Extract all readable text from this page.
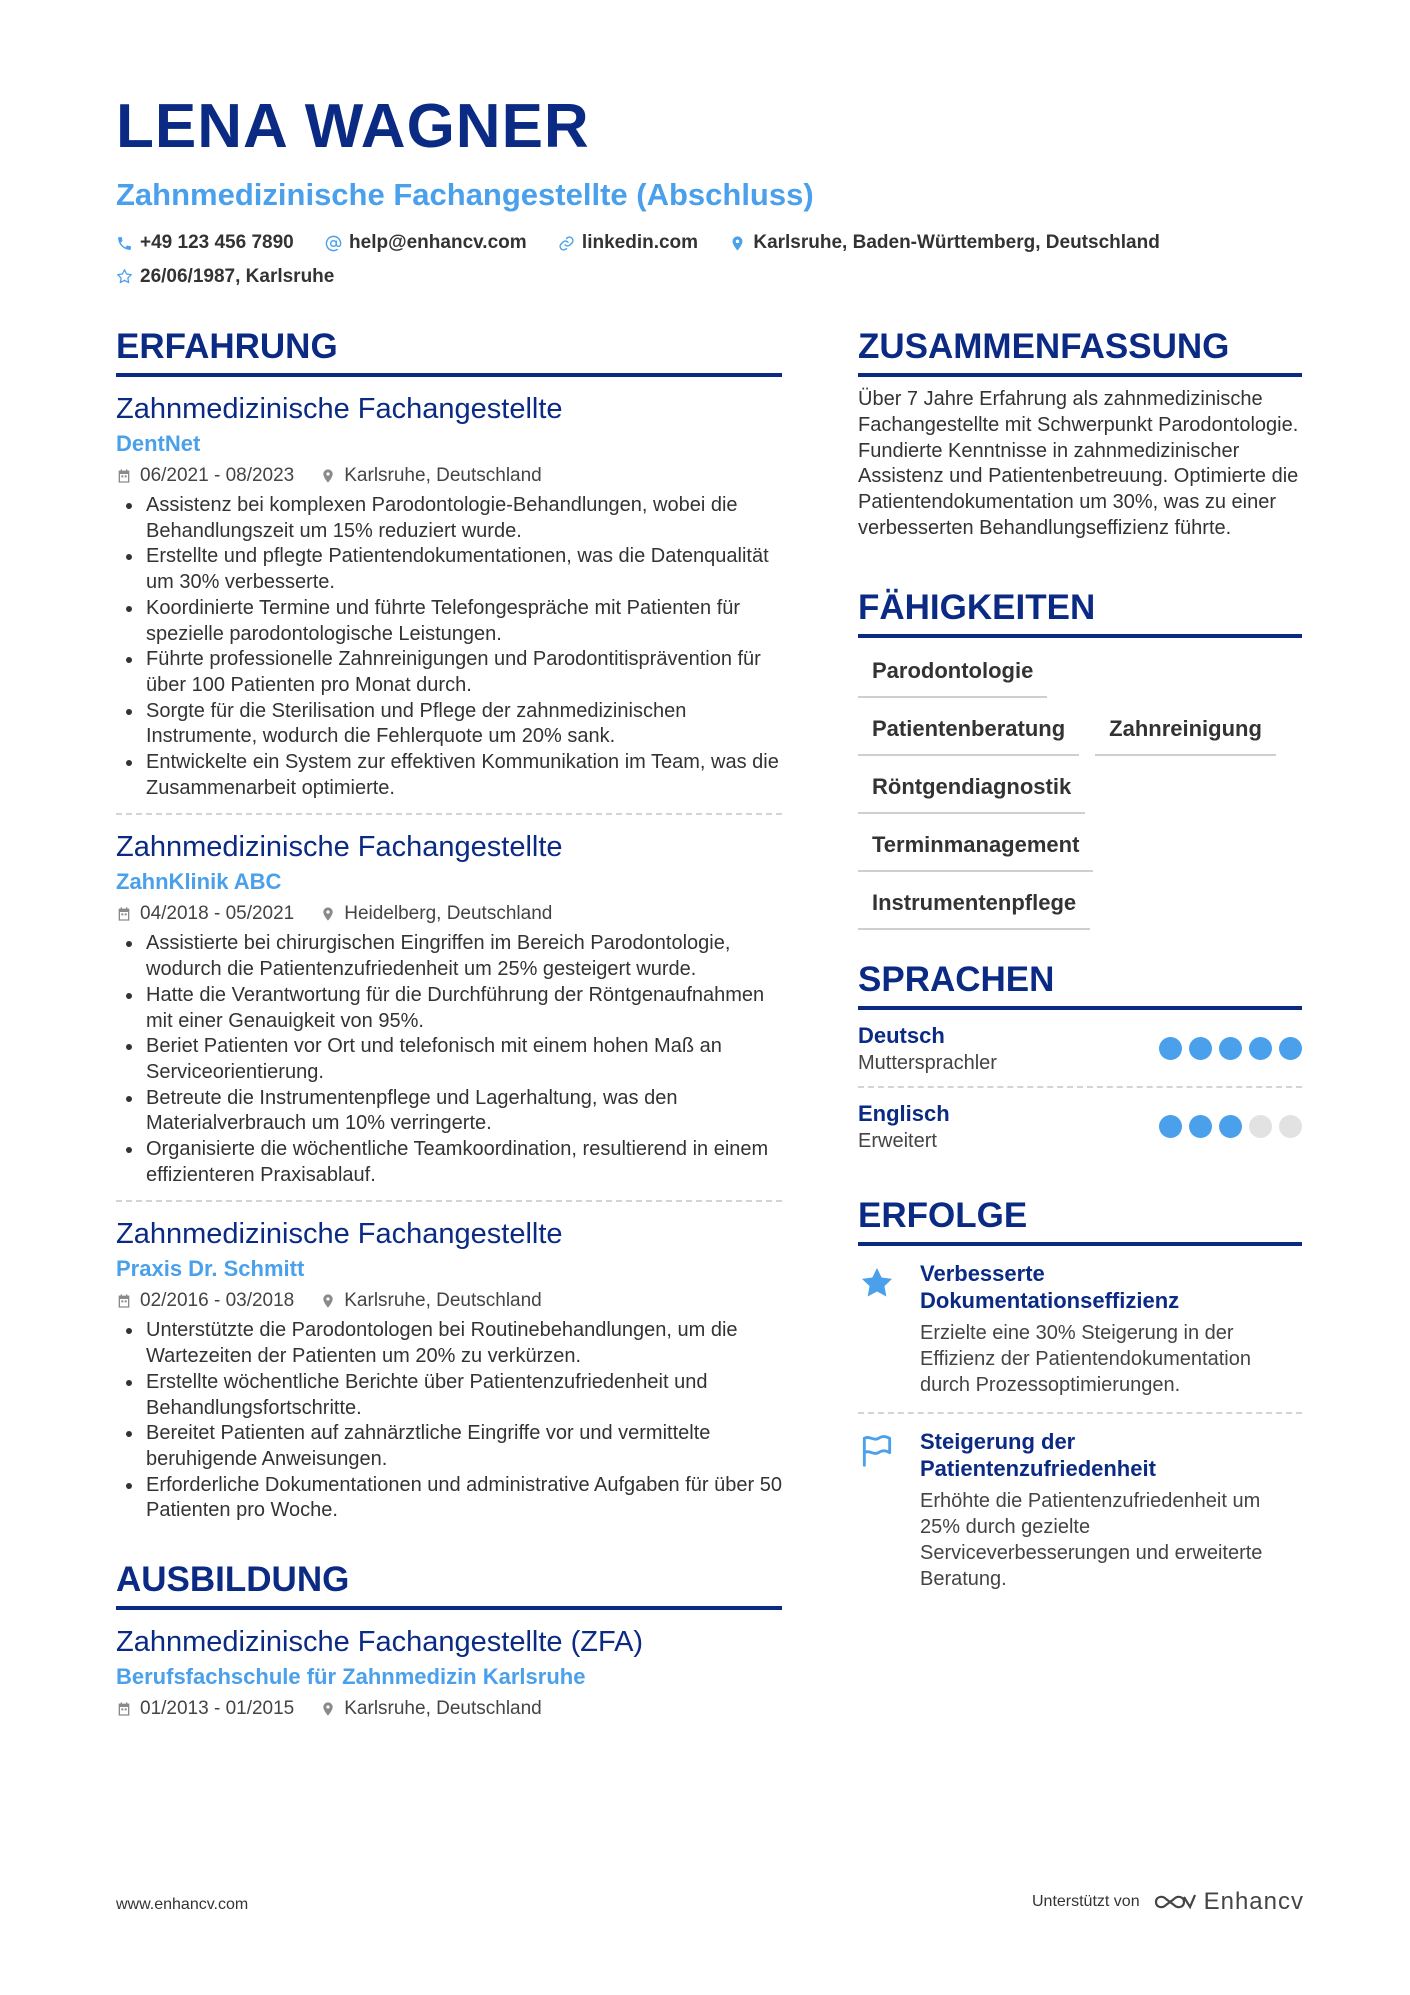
LENA WAGNER
Zahnmedizinische Fachangestellte (Abschluss)
+49 123 456 7890
	help@enhancv.com
	linkedin.com
	Karlsruhe, Baden-Württemberg, Deutschland

26/06/1987, Karlsruhe
ERFAHRUNG
Zahnmedizinische Fachangestellte
DentNet
06/2021 - 08/2023	Karlsruhe, Deutschland
• Assistenz bei komplexen Parodontologie-Behandlungen, wobei die Behandlungszeit um 15% reduziert wurde.
• Erstellte und pflegte Patientendokumentationen, was die Datenqualität um 30% verbesserte.
• Koordinierte Termine und führte Telefongespräche mit Patienten für spezielle parodontologische Leistungen.
• Führte professionelle Zahnreinigungen und Parodontitisprävention für über 100 Patienten pro Monat durch.
• Sorgte für die Sterilisation und Pflege der zahnmedizinischen Instrumente, wodurch die Fehlerquote um 20% sank.
• Entwickelte ein System zur effektiven Kommunikation im Team, was die Zusammenarbeit optimierte.
Zahnmedizinische Fachangestellte
ZahnKlinik ABC
04/2018 - 05/2021	Heidelberg, Deutschland
• Assistierte bei chirurgischen Eingriffen im Bereich Parodontologie, wodurch die Patientenzufriedenheit um 25% gesteigert wurde.
• Hatte die Verantwortung für die Durchführung der Röntgenaufnahmen mit einer Genauigkeit von 95%.
• Beriet Patienten vor Ort und telefonisch mit einem hohen Maß an Serviceorientierung.
• Betreute die Instrumentenpflege und Lagerhaltung, was den Materialverbrauch um 10% verringerte.
• Organisierte die wöchentliche Teamkoordination, resultierend in einem effizienteren Praxisablauf.
Zahnmedizinische Fachangestellte
Praxis Dr. Schmitt
02/2016 - 03/2018	Karlsruhe, Deutschland
• Unterstützte die Parodontologen bei Routinebehandlungen, um die Wartezeiten der Patienten um 20% zu verkürzen.
• Erstellte wöchentliche Berichte über Patientenzufriedenheit und Behandlungsfortschritte.
• Bereitet Patienten auf zahnärztliche Eingriffe vor und vermittelte beruhigende Anweisungen.
• Erforderliche Dokumentationen und administrative Aufgaben für über 50 Patienten pro Woche.
AUSBILDUNG
Zahnmedizinische Fachangestellte (ZFA)
Berufsfachschule für Zahnmedizin Karlsruhe
01/2013 - 01/2015	Karlsruhe, Deutschland
ZUSAMMENFASSUNG

Über 7 Jahre Erfahrung als zahnmedizinische Fachangestellte mit Schwerpunkt Parodontologie. Fundierte Kenntnisse in zahnmedizinischer Assistenz und Patientenbetreuung. Optimierte die Patientendokumentation um 30%, was zu einer verbesserten Behandlungseffizienz führte.

FÄHIGKEITEN
Parodontologie
Patientenberatung	Zahnreinigung
Röntgendiagnostik
Terminmanagement
Instrumentenpflege
SPRACHEN
Deutsch
Muttersprachler
Englisch
Erweitert
ERFOLGE
Verbesserte Dokumentationseffizienz
Erzielte eine 30% Steigerung in der Effizienz der Patientendokumentation durch Prozessoptimierungen.
Steigerung der Patientenzufriedenheit
Erhöhte die Patientenzufriedenheit um 25% durch gezielte Serviceverbesserungen und erweiterte Beratung.
www.enhancv.com	Unterstützt von	Enhancv
